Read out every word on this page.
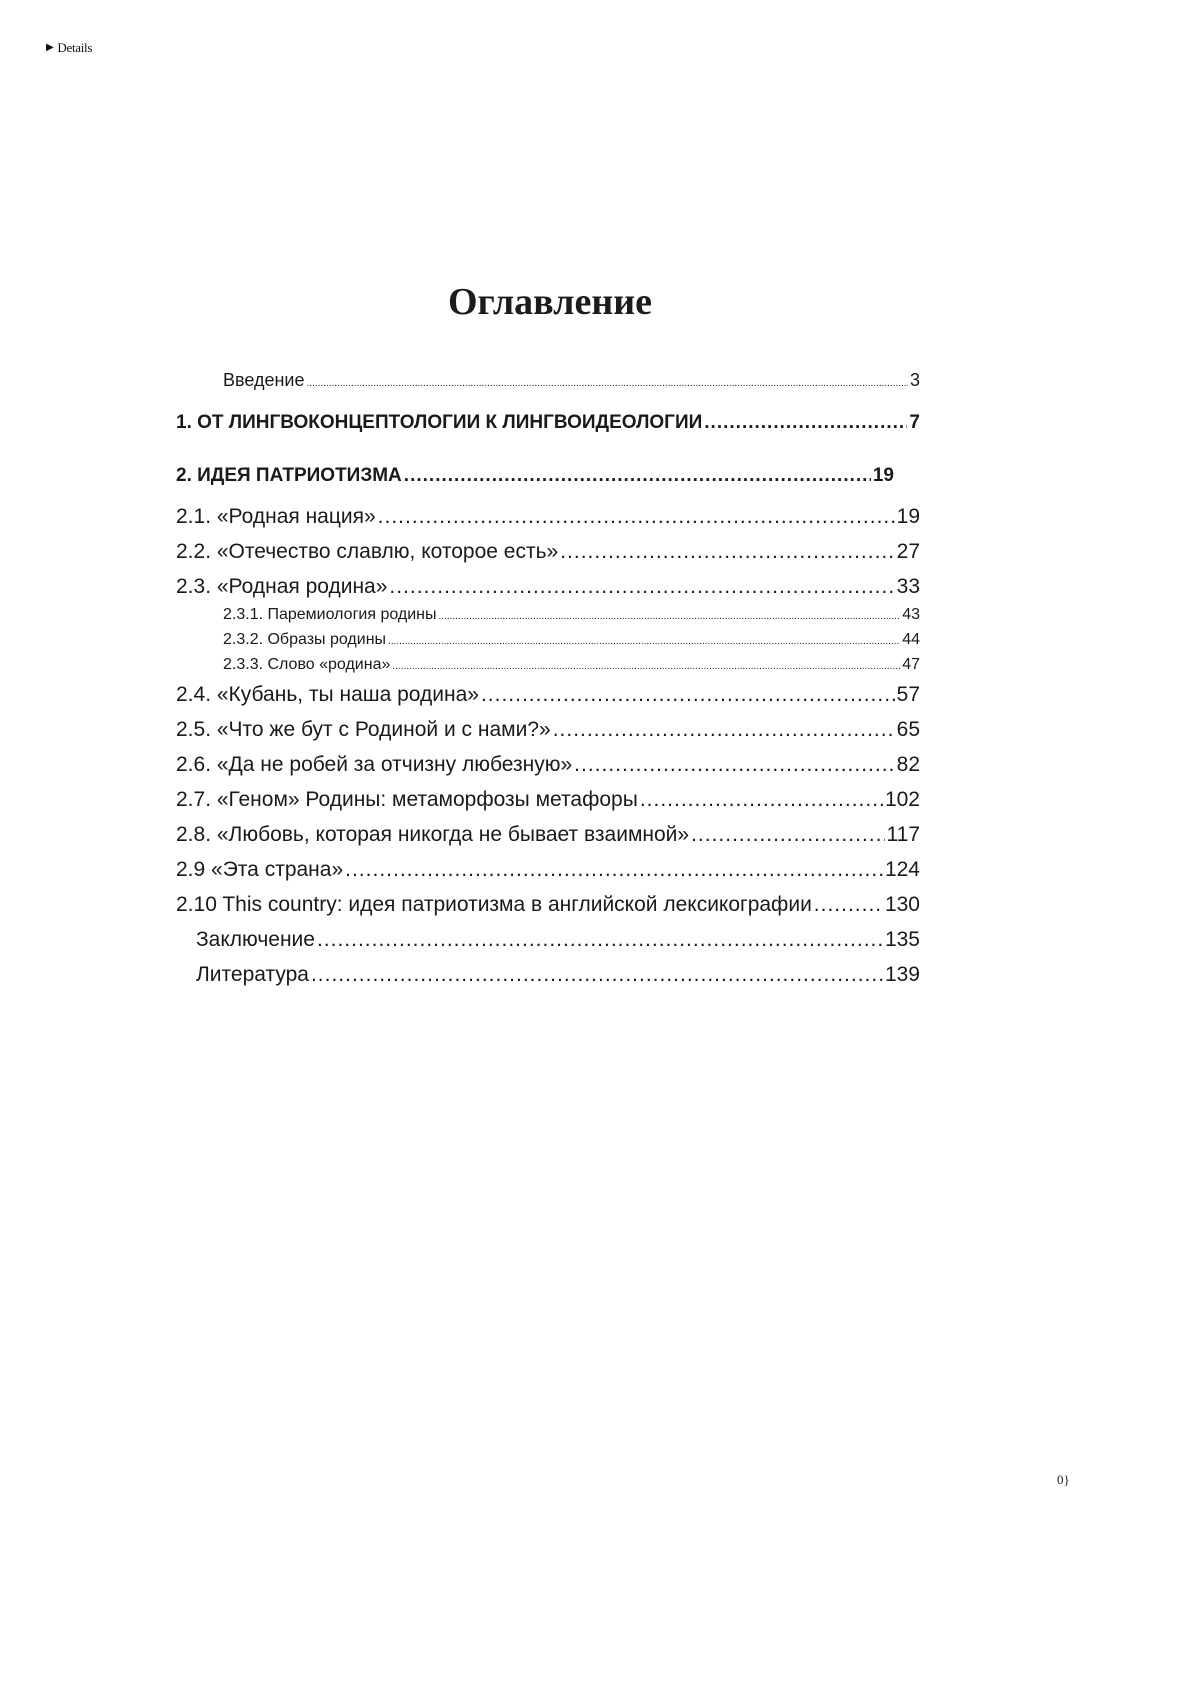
▶ Details
Оглавление
Введение .....	3
1. ОТ ЛИНГВОКОНЦЕПТОЛОГИИ К ЛИНГВОИДЕОЛОГИИ .....	7
2. ИДЕЯ ПАТРИОТИЗМА .....	19
2.1. «Родная нация» .....	19
2.2. «Отечество славлю, которое есть» .....	27
2.3. «Родная родина» .....	33
2.3.1. Паремиология родины .....	43
2.3.2. Образы родины .....	44
2.3.3. Слово «родина» .....	47
2.4. «Кубань, ты наша родина» .....	57
2.5. «Что же бут с Родиной и с нами?» .....	65
2.6. «Да не робей за отчизну любезную» .....	82
2.7. «Геном» Родины: метаморфозы метафоры .....	102
2.8. «Любовь, которая никогда не бывает взаимной» .....	117
2.9 «Эта страна» .....	124
2.10 This country: идея патриотизма в английской лексикографии .....	130
Заключение .....	135
Литература .....	139
0}
